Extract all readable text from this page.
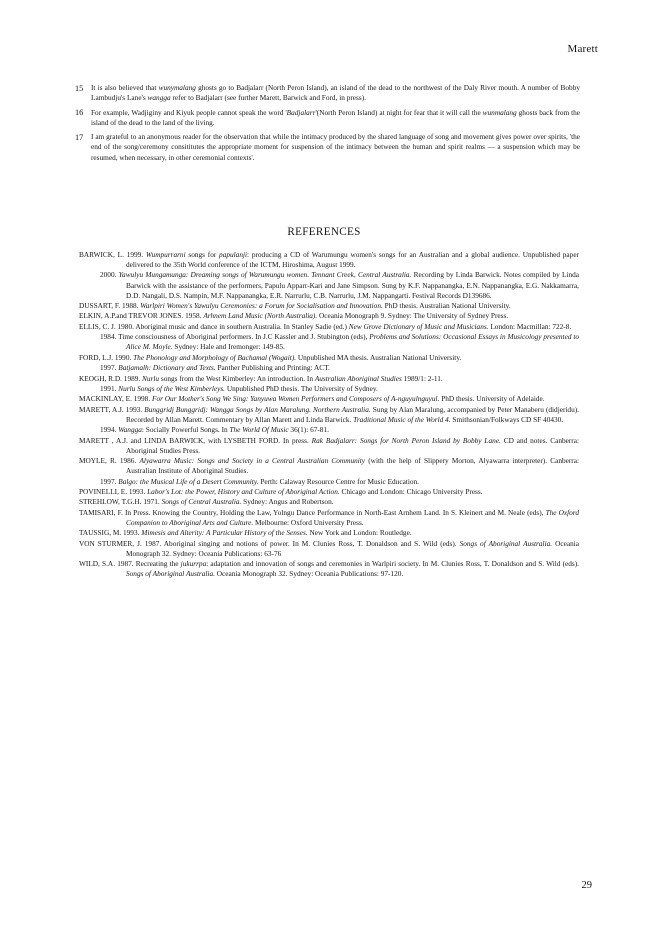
Marett
15 It is also believed that wunymalang ghosts go to Badjalarr (North Peron Island), an island of the dead to the northwest of the Daly River mouth. A number of Bobby Lambudju's Lane's wangga refer to Badjalarr (see further Marett, Barwick and Ford, in press).
16 For example, Wadjiginy and Kiyuk people cannot speak the word 'Badjalarr'(North Peron Island) at night for fear that it will call the wunmalang ghosts back from the island of the dead to the land of the living.
17 I am grateful to an anonymous reader for the observation that while the intimacy produced by the shared language of song and movement gives power over spirits, 'the end of the song/ceremony consititutes the appropriate moment for suspension of the intimacy between the human and spirit realms — a suspension which may be resumed, when necessary, in other ceremonial contexts'.
REFERENCES
BARWICK, L. 1999. Wumpurrarni songs for papulanji: producing a CD of Warumungu women's songs for an Australian and a global audience. Unpublished paper delivered to the 35th World conference of the ICTM, Hiroshima, August 1999.
2000. Yawulyu Mungamunga: Dreaming songs of Warumungu women. Tennant Creek, Central Australia. Recording by Linda Barwick. Notes compiled by Linda Barwick with the assistance of the performers, Papulu Apparr-Kari and Jane Simpson. Sung by K.F. Nappanangka, E.N. Nappanangka, E.G. Nakkamarra, D.D. Nangali, D.S. Nampin, M.F. Nappanangka, E.R. Narrurlu, C.B. Narrurlu, J.M. Nappangarti. Festival Records D139686.
DUSSART, F. 1988. Warlpiri Women's Yawulyu Ceremonies: a Forum for Socialisation and Innovation. PhD thesis. Australian National University.
ELKIN, A.P.and TREVOR JONES. 1958. Arhnem Land Music (North Australia). Oceania Monograph 9. Sydney: The University of Sydney Press.
ELLIS, C. J. 1980. Aboriginal music and dance in southern Australia. In Stanley Sadie (ed.) New Grove Dictionary of Music and Musicians. London: Macmillan: 722-8.
1984. Time consciousness of Aboriginal performers. In J.C Kassler and J. Stubington (eds), Problems and Solutions: Occasional Essays in Musicology presented to Alice M. Moyle. Sydney: Hale and Iremonger: 149-85.
FORD, L.J. 1990. The Phonology and Morphology of Bachamal (Wogait). Unpublished MA thesis. Australian National University.
1997. Batjamalh: Dictionary and Texts. Panther Publishing and Printing: ACT.
KEOGH, R.D. 1989. Nurlu songs from the West Kimberley: An introduction. In Australian Aboriginal Studies 1989/1: 2-11.
1991. Nurlu Songs of the West Kimberleys. Unpublished PhD thesis. The University of Sydney.
MACKINLAY, E. 1998. For Our Mother's Song We Sing: Yanyuwa Women Performers and Composers of A-nguyulnguyul. PhD thesis. University of Adelaide.
MARETT, A.J. 1993. Bunggridj Bunggridj: Wangga Songs by Alan Maralung. Northern Australia. Sung by Alan Maralung, accompanied by Peter Manaberu (didjeridu). Recorded by Allan Marett. Commentary by Allan Marett and Linda Barwick. Traditional Music of the World 4. Smithsonian/Folkways CD SF 40430.
1994. Wangga: Socially Powerful Songs. In The World Of Music 36(1): 67-81.
MARETT , A.J. and LINDA BARWICK, with LYSBETH FORD. In press. Rak Badjalarr: Songs for North Peron Island by Bobby Lane. CD and notes. Canberra: Aboriginal Studies Press.
MOYLE, R. 1986. Alyawarra Music: Songs and Society in a Central Australian Community (with the help of Slippery Morton, Alyawarra interpreter). Canberra: Australian Institute of Aboriginal Studies.
1997. Balgo: the Musical Life of a Desert Community. Perth: Calaway Resource Centre for Music Education.
POVINELLI, E. 1993. Labor's Lot: the Power, History and Culture of Aboriginal Action. Chicago and London: Chicago University Press.
STREHLOW, T.G.H. 1971. Songs of Central Australia. Sydney: Angus and Robertson.
TAMISARI, F. In Press. Knowing the Country, Holding the Law, Yolngu Dance Performance in North-East Arnhem Land. In S. Kleinert and M. Neale (eds), The Oxford Companion to Aboriginal Arts and Culture. Melbourne: Oxford University Press.
TAUSSIG, M. 1993. Mimesis and Alterity: A Particular History of the Senses. New York and London: Routledge.
VON STURMER, J. 1987. Aboriginal singing and notions of power. In M. Clunies Ross, T. Donaldson and S. Wild (eds). Songs of Aboriginal Australia. Oceania Monograph 32. Sydney: Oceania Publications: 63-76
WILD, S.A. 1987. Recreating the jukurrpa: adaptation and innovation of songs and ceremonies in Warlpiri society. In M. Clunies Ross, T. Donaldson and S. Wild (eds). Songs of Aboriginal Australia. Oceania Monograph 32. Sydney: Oceania Publications: 97-120.
29
